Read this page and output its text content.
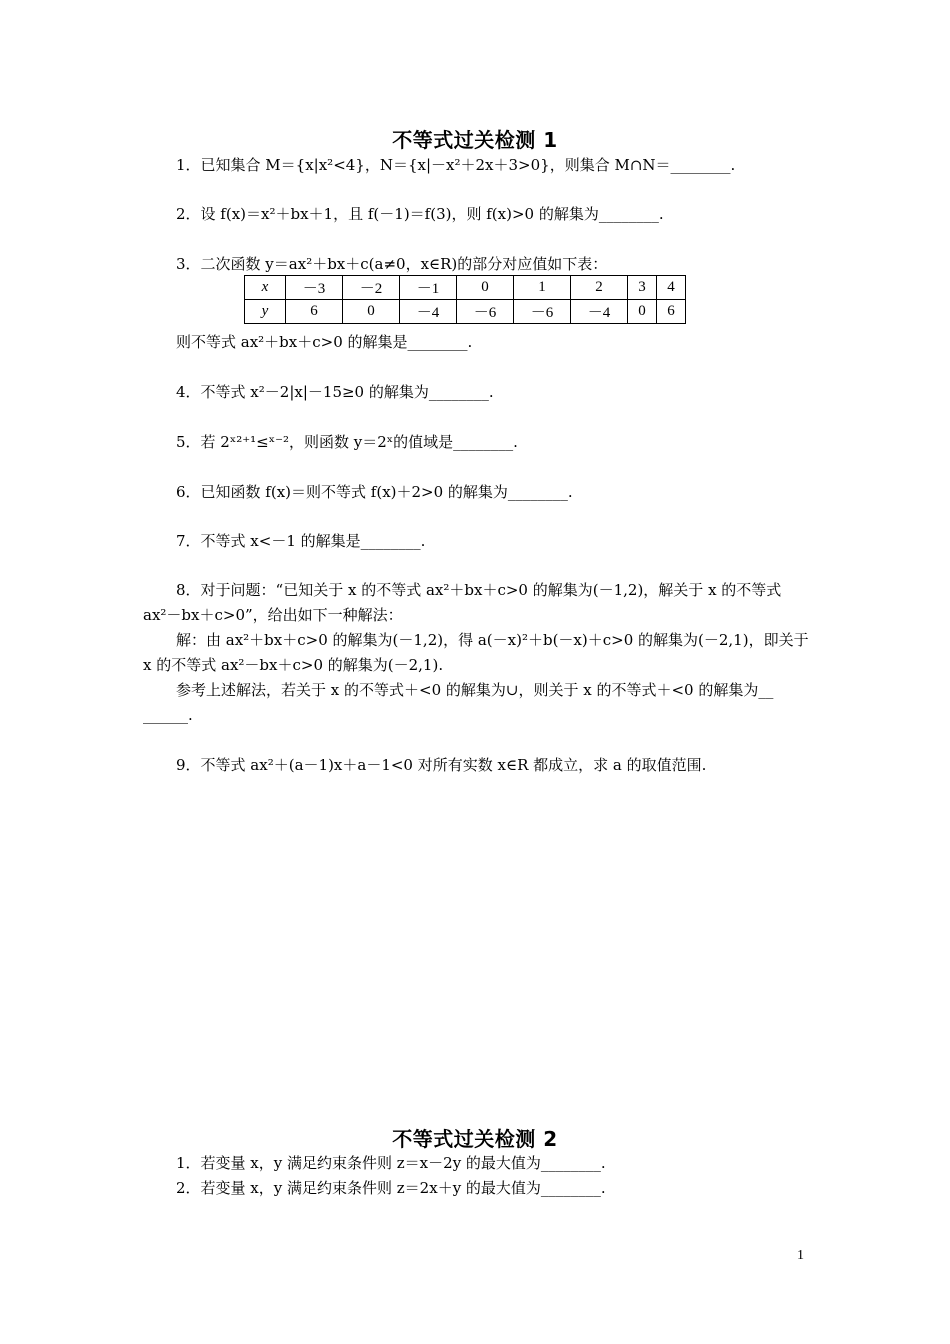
不等式过关检测 1
1．已知集合 M＝{x|x²<4}，N＝{x|－x²＋2x＋3>0}，则集合 M∩N＝________.
2．设 f(x)＝x²＋bx＋1，且 f(－1)＝f(3)，则 f(x)>0 的解集为________.
3．二次函数 y＝ax²＋bx＋c(a≠0，x∈R)的部分对应值如下表：
x	－3	－2	－1	0	1	2	3	4
y	6	0	－4	－6	－6	－4	0	6
则不等式 ax²＋bx＋c>0 的解集是________.
4．不等式 x²－2|x|－15≥0 的解集为________.
5．若 2ˣ²⁺¹≤ˣ⁻²，则函数 y＝2ˣ的值域是________.
6．已知函数 f(x)＝则不等式 f(x)＋2>0 的解集为________.
7．不等式 x<－1 的解集是________.
8．对于问题：“已知关于 x 的不等式 ax²＋bx＋c>0 的解集为(－1,2)，解关于 x 的不等式
ax²－bx＋c>0”，给出如下一种解法：
解：由 ax²＋bx＋c>0 的解集为(－1,2)，得 a(－x)²＋b(－x)＋c>0 的解集为(－2,1)，即关于
x 的不等式 ax²－bx＋c>0 的解集为(－2,1).
参考上述解法，若关于 x 的不等式＋<0 的解集为∪，则关于 x 的不等式＋<0 的解集为__
______.
9．不等式 ax²＋(a－1)x＋a－1<0 对所有实数 x∈R 都成立，求 a 的取值范围.
不等式过关检测 2
1．若变量 x，y 满足约束条件则 z＝x－2y 的最大值为________.
2．若变量 x，y 满足约束条件则 z＝2x＋y 的最大值为________.
1
